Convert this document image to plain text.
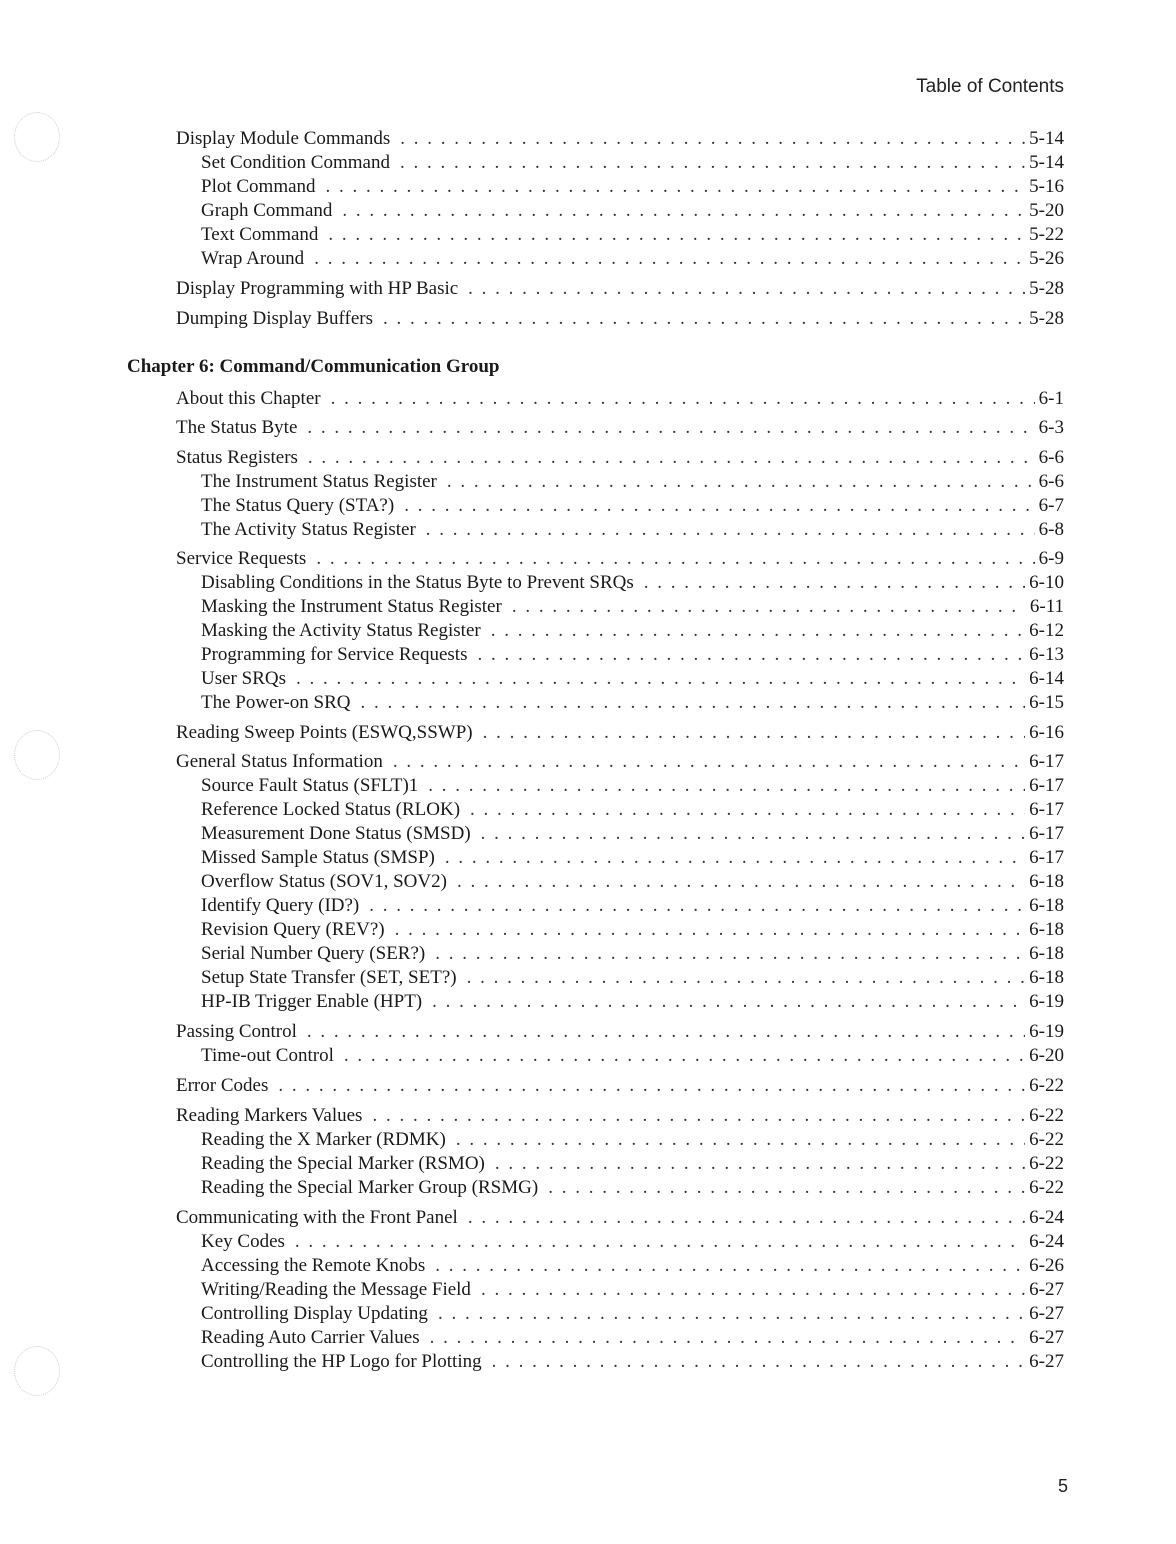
Table of Contents
Chapter 6: Command/Communication Group
Display Module Commands . . .	5-14
Set Condition Command . . .	5-14
Plot Command . . .	5-16
Graph Command . . .	5-20
Text Command . . .	5-22
Wrap Around . . .	5-26
Display Programming with HP Basic . . .	5-28
Dumping Display Buffers . . .	5-28
About this Chapter . . .	6-1
The Status Byte . . .	6-3
Status Registers . . .	6-6
The Instrument Status Register . . .	6-6
The Status Query (STA?) . . .	6-7
The Activity Status Register . . .	6-8
Service Requests . . .	6-9
Disabling Conditions in the Status Byte to Prevent SRQs . . .	6-10
Masking the Instrument Status Register . . .	6-11
Masking the Activity Status Register . . .	6-12
Programming for Service Requests . . .	6-13
User SRQs . . .	6-14
The Power-on SRQ . . .	6-15
Reading Sweep Points (ESWQ,SSWP) . . .	6-16
General Status Information . . .	6-17
Source Fault Status (SFLT)1 . . .	6-17
Reference Locked Status (RLOK) . . .	6-17
Measurement Done Status (SMSD) . . .	6-17
Missed Sample Status (SMSP) . . .	6-17
Overflow Status (SOV1, SOV2) . . .	6-18
Identify Query (ID?) . . .	6-18
Revision Query (REV?) . . .	6-18
Serial Number Query (SER?) . . .	6-18
Setup State Transfer (SET, SET?) . . .	6-18
HP-IB Trigger Enable (HPT) . . .	6-19
Passing Control . . .	6-19
Time-out Control . . .	6-20
Error Codes . . .	6-22
Reading Markers Values . . .	6-22
Reading the X Marker (RDMK) . . .	6-22
Reading the Special Marker (RSMO) . . .	6-22
Reading the Special Marker Group (RSMG) . . .	6-22
Communicating with the Front Panel . . .	6-24
Key Codes . . .	6-24
Accessing the Remote Knobs . . .	6-26
Writing/Reading the Message Field . . .	6-27
Controlling Display Updating . . .	6-27
Reading Auto Carrier Values . . .	6-27
Controlling the HP Logo for Plotting . . .	6-27
5
